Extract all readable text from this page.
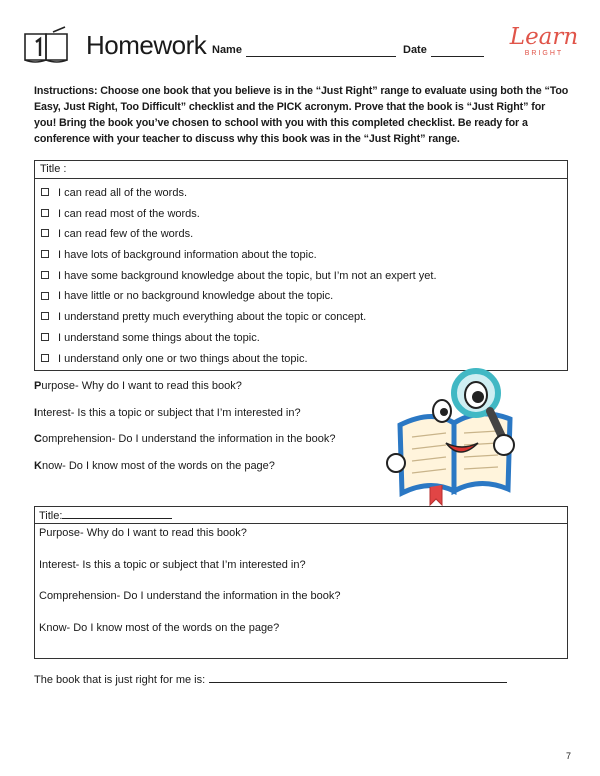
Homework Name	Date	Learn
BRIGHT
Instructions: Choose one book that you believe is in the “Just Right” range to evaluate using both the “Too Easy, Just Right, Too Difficult” checklist and the PICK acronym. Prove that the book is “Just Right” for you! Bring the book you’ve chosen to school with you with this completed checklist. Be ready for a conference with your teacher to discuss why this book was in the “Just Right” range.
Title :
I can read all of the words.
I can read most of the words.
I can read few of the words.
I have lots of background information about the topic.
I have some background knowledge about the topic, but I’m not an expert yet.
I have little or no background knowledge about the topic.
I understand pretty much everything about the topic or concept.
I understand some things about the topic.
I understand only one or two things about the topic.
Purpose- Why do I want to read this book?
Interest- Is this a topic or subject that I’m interested in?
Comprehension- Do I understand the information in the book?
Know- Do I know most of the words on the page?
Title:
Purpose- Why do I want to read this book?
Interest- Is this a topic or subject that I’m interested in?
Comprehension- Do I understand the information in the book?
Know- Do I know most of the words on the page?
The book that is just right for me is:
7
